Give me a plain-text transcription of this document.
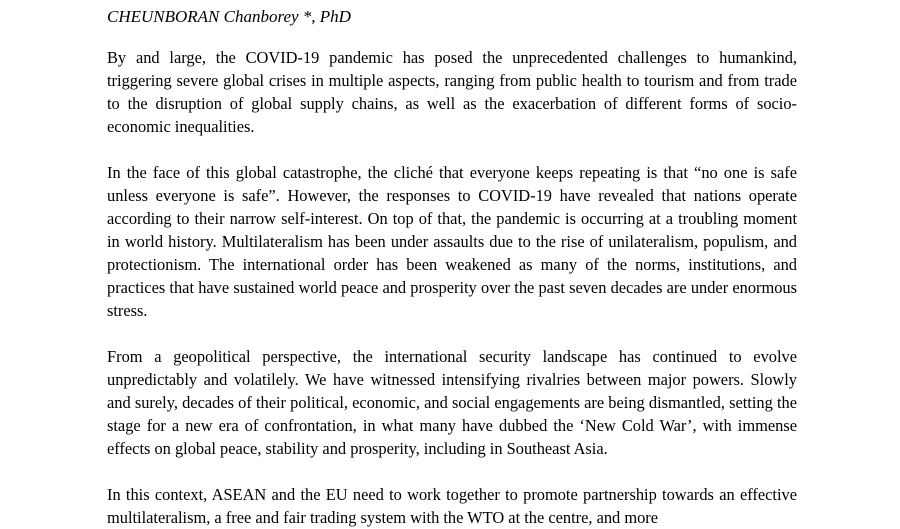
CHEUNBORAN Chanborey *, PhD

By and large, the COVID-19 pandemic has posed the unprecedented challenges to humankind, triggering severe global crises in multiple aspects, ranging from public health to tourism and from trade to the disruption of global supply chains, as well as the exacerbation of different forms of socio-economic inequalities.

In the face of this global catastrophe, the cliché that everyone keeps repeating is that “no one is safe unless everyone is safe”. However, the responses to COVID-19 have revealed that nations operate according to their narrow self-interest. On top of that, the pandemic is occurring at a troubling moment in world history. Multilateralism has been under assaults due to the rise of unilateralism, populism, and protectionism. The international order has been weakened as many of the norms, institutions, and practices that have sustained world peace and prosperity over the past seven decades are under enormous stress.

From a geopolitical perspective, the international security landscape has continued to evolve unpredictably and volatilely. We have witnessed intensifying rivalries between major powers. Slowly and surely, decades of their political, economic, and social engagements are being dismantled, setting the stage for a new era of confrontation, in what many have dubbed the ‘New Cold War’, with immense effects on global peace, stability and prosperity, including in Southeast Asia.

In this context, ASEAN and the EU need to work together to promote partnership towards an effective multilateralism, a free and fair trading system with the WTO at the centre, and more
